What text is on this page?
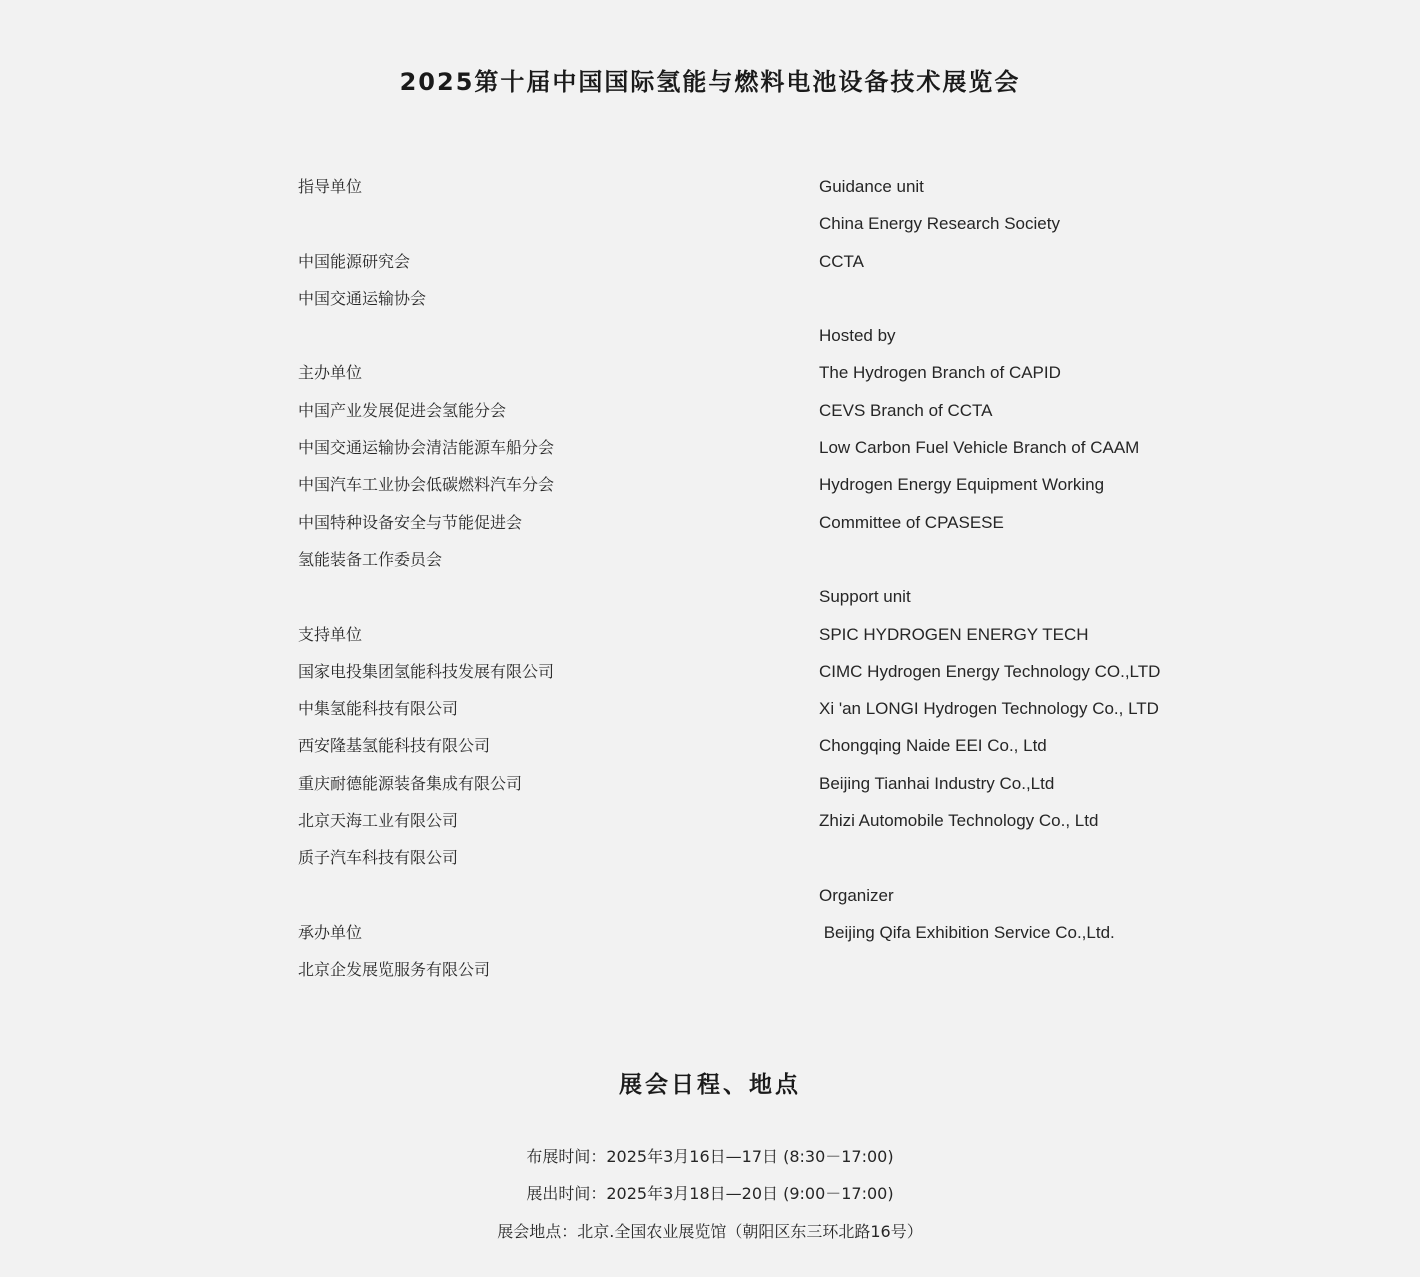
2025第十届中国国际氢能与燃料电池设备技术展览会
指导单位
中国能源研究会
中国交通运输协会
主办单位
中国产业发展促进会氢能分会
中国交通运输协会清洁能源车船分会
中国汽车工业协会低碳燃料汽车分会
中国特种设备安全与节能促进会
氢能装备工作委员会
支持单位
国家电投集团氢能科技发展有限公司
中集氢能科技有限公司
西安隆基氢能科技有限公司
重庆耐德能源装备集成有限公司
北京天海工业有限公司
质子汽车科技有限公司
承办单位
北京企发展览服务有限公司
Guidance unit
China Energy Research Society
CCTA
Hosted by
The Hydrogen Branch of CAPID
CEVS Branch of CCTA
Low Carbon Fuel Vehicle Branch of CAAM
Hydrogen Energy Equipment Working
Committee of CPASESE
Support unit
SPIC HYDROGEN ENERGY TECH
CIMC Hydrogen Energy Technology CO.,LTD
Xi 'an LONGI Hydrogen Technology Co., LTD
Chongqing Naide EEI Co., Ltd
Beijing Tianhai Industry Co.,Ltd
Zhizi Automobile Technology Co., Ltd
Organizer
Beijing Qifa Exhibition Service Co.,Ltd.
展会日程、地点
布展时间：2025年3月16日—17日 (8:30－17:00)
展出时间：2025年3月18日—20日 (9:00－17:00)
展会地点：北京.全国农业展览馆（朝阳区东三环北路16号）
